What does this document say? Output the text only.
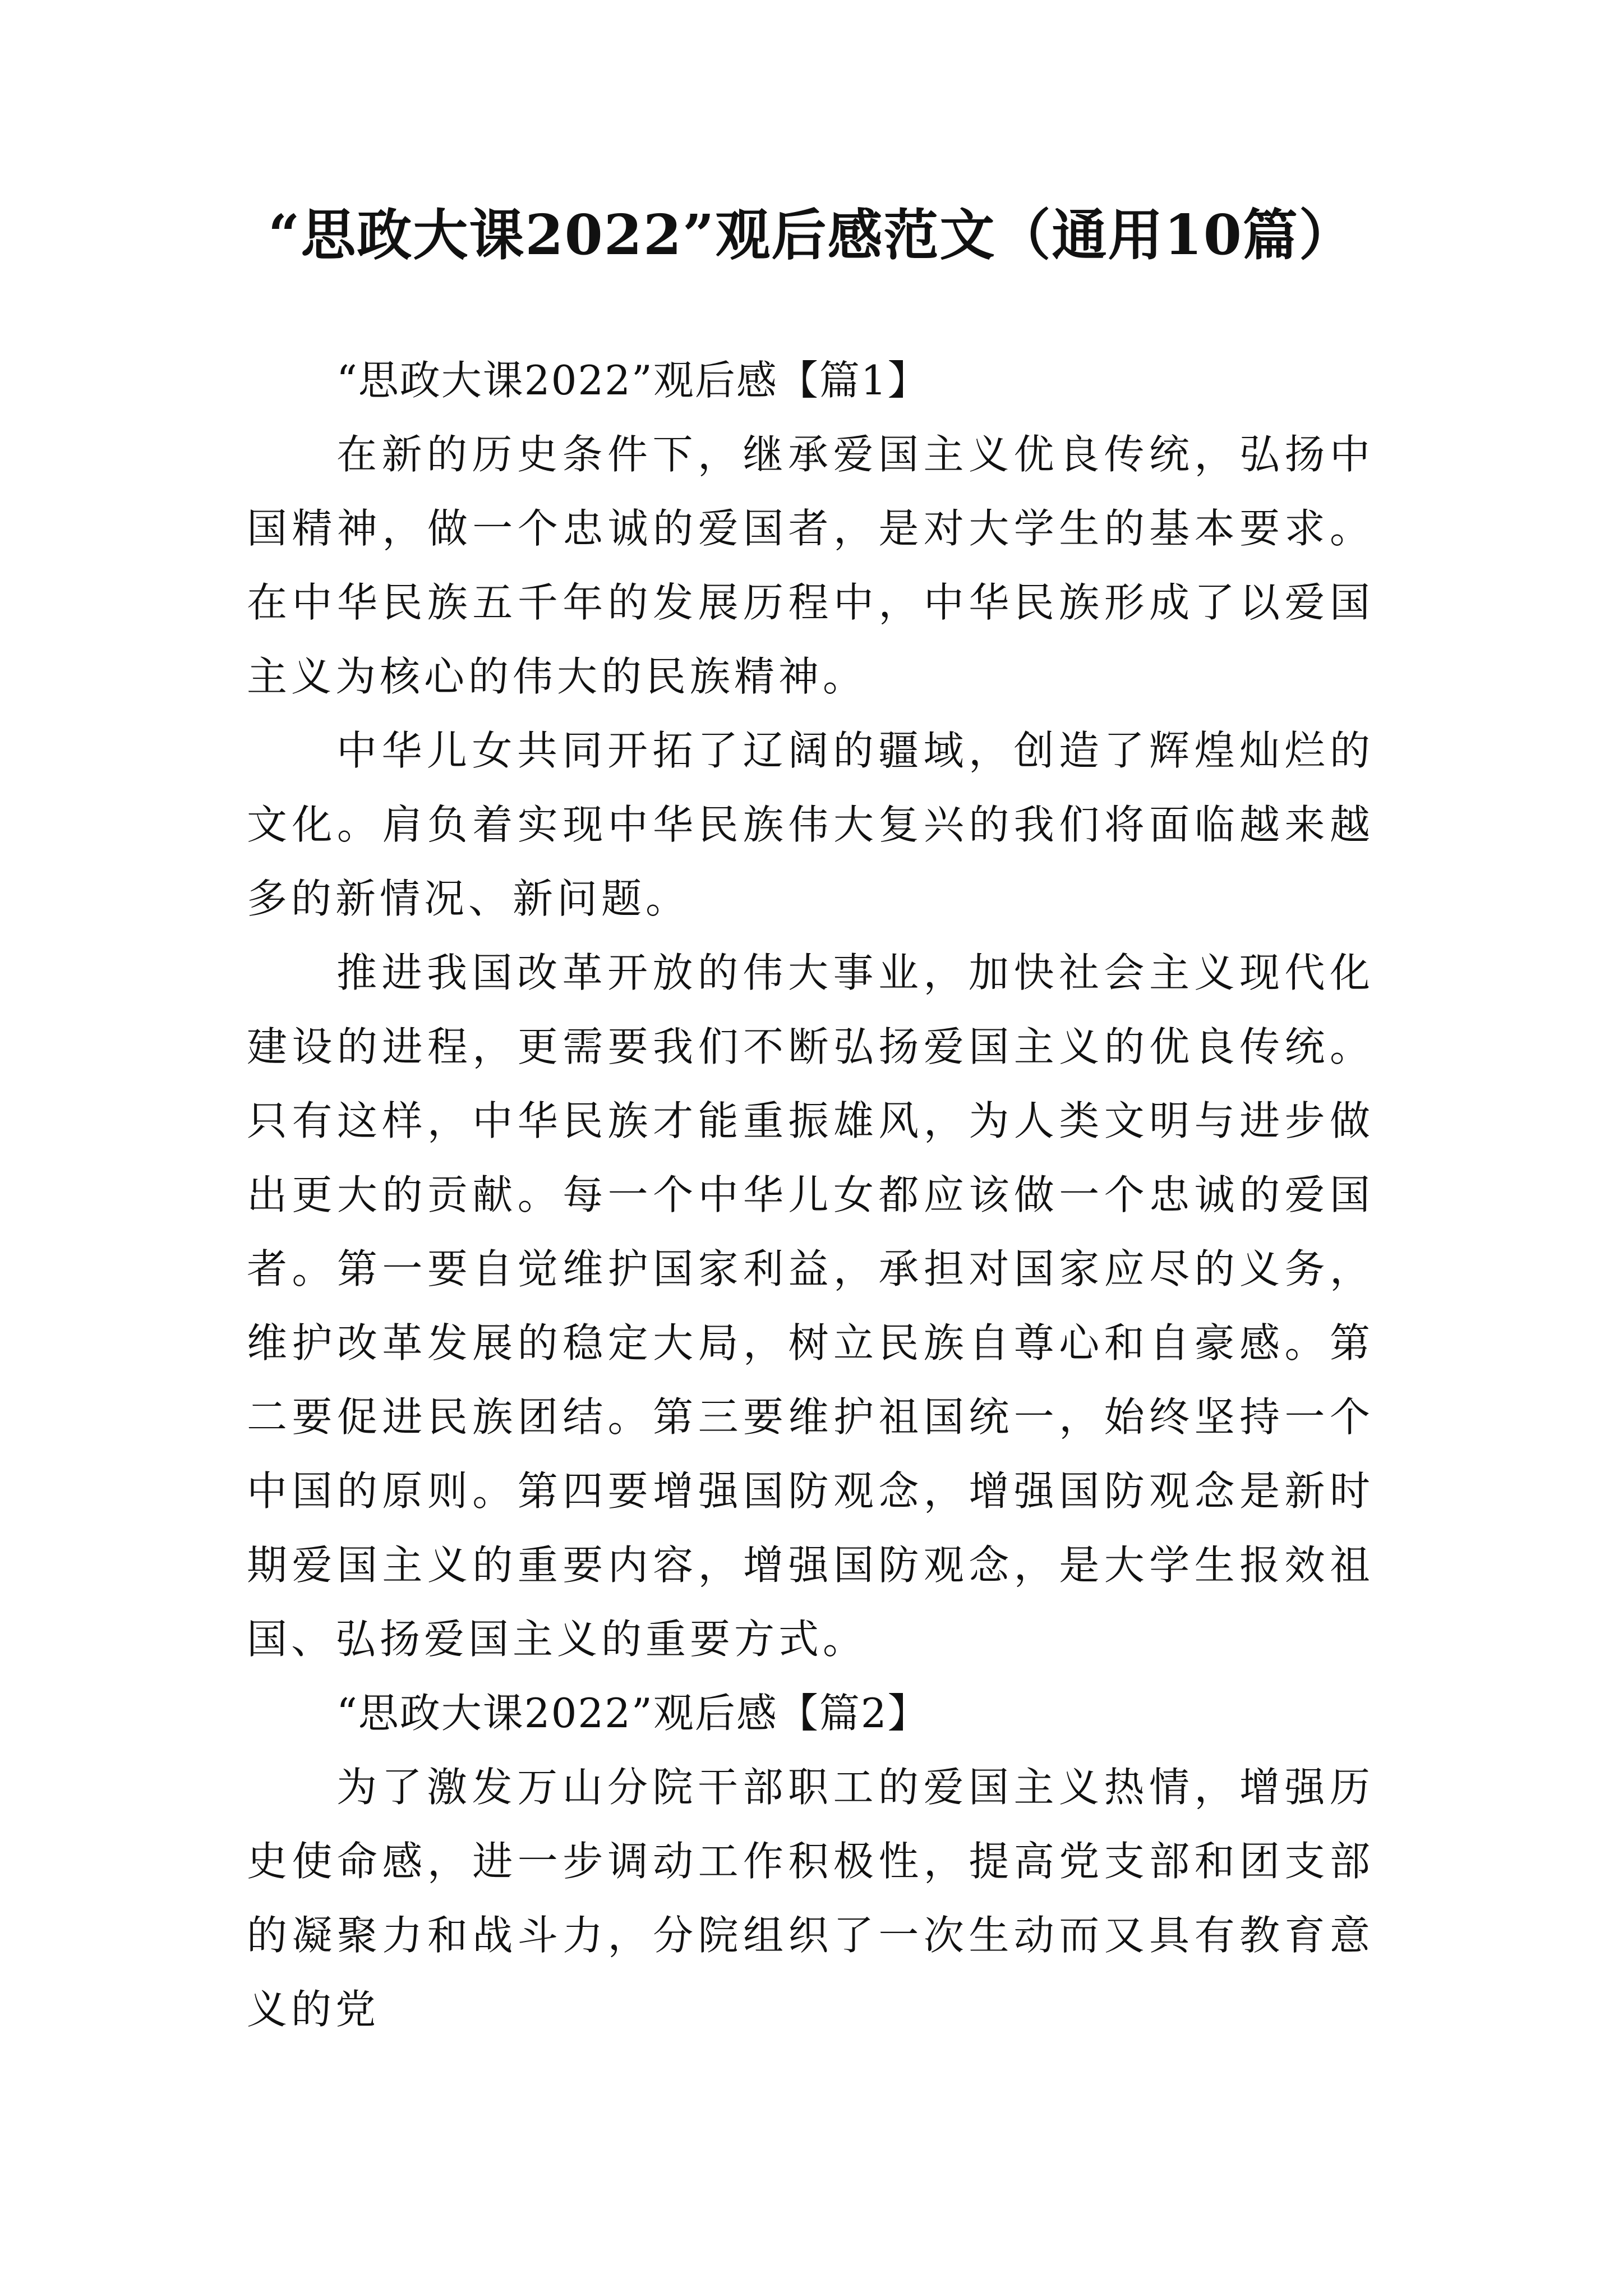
“思政大课2022”观后感范文（通用10篇）

“思政大课2022”观后感【篇1】

在新的历史条件下，继承爱国主义优良传统，弘扬中国精神，做一个忠诚的爱国者，是对大学生的基本要求。在中华民族五千年的发展历程中，中华民族形成了以爱国主义为核心的伟大的民族精神。

中华儿女共同开拓了辽阔的疆域，创造了辉煌灿烂的文化。肩负着实现中华民族伟大复兴的我们将面临越来越多的新情况、新问题。

推进我国改革开放的伟大事业，加快社会主义现代化建设的进程，更需要我们不断弘扬爱国主义的优良传统。只有这样，中华民族才能重振雄风，为人类文明与进步做出更大的贡献。每一个中华儿女都应该做一个忠诚的爱国者。第一要自觉维护国家利益，承担对国家应尽的义务，维护改革发展的稳定大局，树立民族自尊心和自豪感。第二要促进民族团结。第三要维护祖国统一，始终坚持一个中国的原则。第四要增强国防观念，增强国防观念是新时期爱国主义的重要内容，增强国防观念，是大学生报效祖国、弘扬爱国主义的重要方式。

“思政大课2022”观后感【篇2】

为了激发万山分院干部职工的爱国主义热情，增强历史使命感，进一步调动工作积极性，提高党支部和团支部的凝聚力和战斗力，分院组织了一次生动而又具有教育意义的党
